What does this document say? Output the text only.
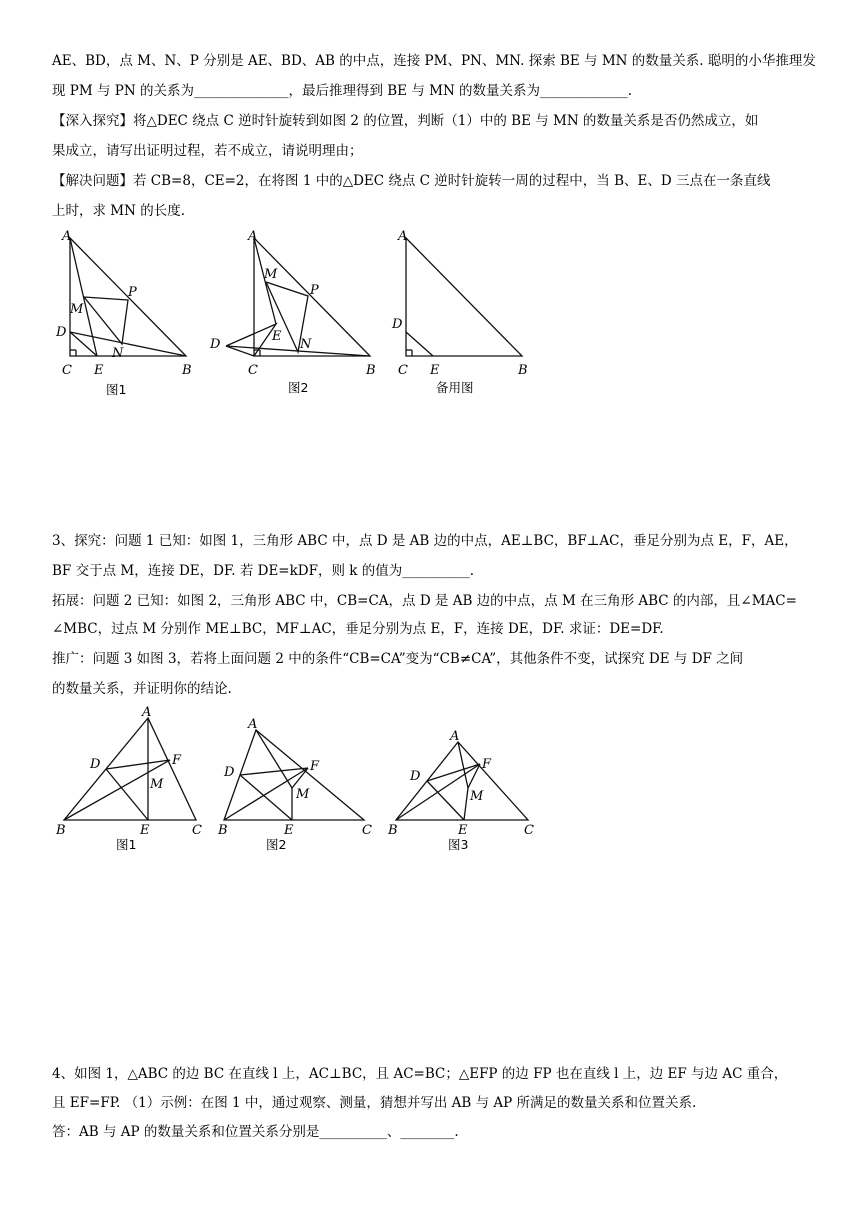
AE、BD，点 M、N、P 分别是 AE、BD、AB 的中点，连接 PM、PN、MN. 探索 BE 与 MN 的数量关系. 聪明的小华推理发
现 PM 与 PN 的关系为______________，最后推理得到 BE 与 MN 的数量关系为_____________.
【深入探究】将△DEC 绕点 C 逆时针旋转到如图 2 的位置，判断（1）中的 BE 与 MN 的数量关系是否仍然成立，如
果成立，请写出证明过程，若不成立，请说明理由；
【解决问题】若 CB=8，CE=2，在将图 1 中的△DEC 绕点 C 逆时针旋转一周的过程中，当 B、E、D 三点在一条直线
上时，求 MN 的长度.
A
D
C E	B
M
N
P
图1
A
D
C
E
B
M
N
P
图2
A
D
C E	B
备用图
3、探究：问题 1 已知：如图 1，三角形 ABC 中，点 D 是 AB 边的中点，AE⊥BC，BF⊥AC，垂足分别为点 E，F，AE，
BF 交于点 M，连接 DE，DF. 若 DE=kDF，则 k 的值为__________.
拓展：问题 2 已知：如图 2，三角形 ABC 中，CB=CA，点 D 是 AB 边的中点，点 M 在三角形 ABC 的内部，且∠MAC=
∠MBC，过点 M 分别作 ME⊥BC，MF⊥AC，垂足分别为点 E，F，连接 DE，DF. 求证：DE=DF.
推广：问题 3 如图 3，若将上面问题 2 中的条件“CB=CA”变为“CB≠CA”，其他条件不变，试探究 DE 与 DF 之间
的数量关系，并证明你的结论.
A
D	F
M
B	E	C
图1
A
D	F
M
B	E	C
图2
A
D
F
M
B	E	C
图3
4、如图 1，△ABC 的边 BC 在直线 l 上，AC⊥BC，且 AC=BC；△EFP 的边 FP 也在直线 l 上，边 EF 与边 AC 重合，
且 EF=FP. （1）示例：在图 1 中，通过观察、测量，猜想并写出 AB 与 AP 所满足的数量关系和位置关系.
答：AB 与 AP 的数量关系和位置关系分别是__________、________.
